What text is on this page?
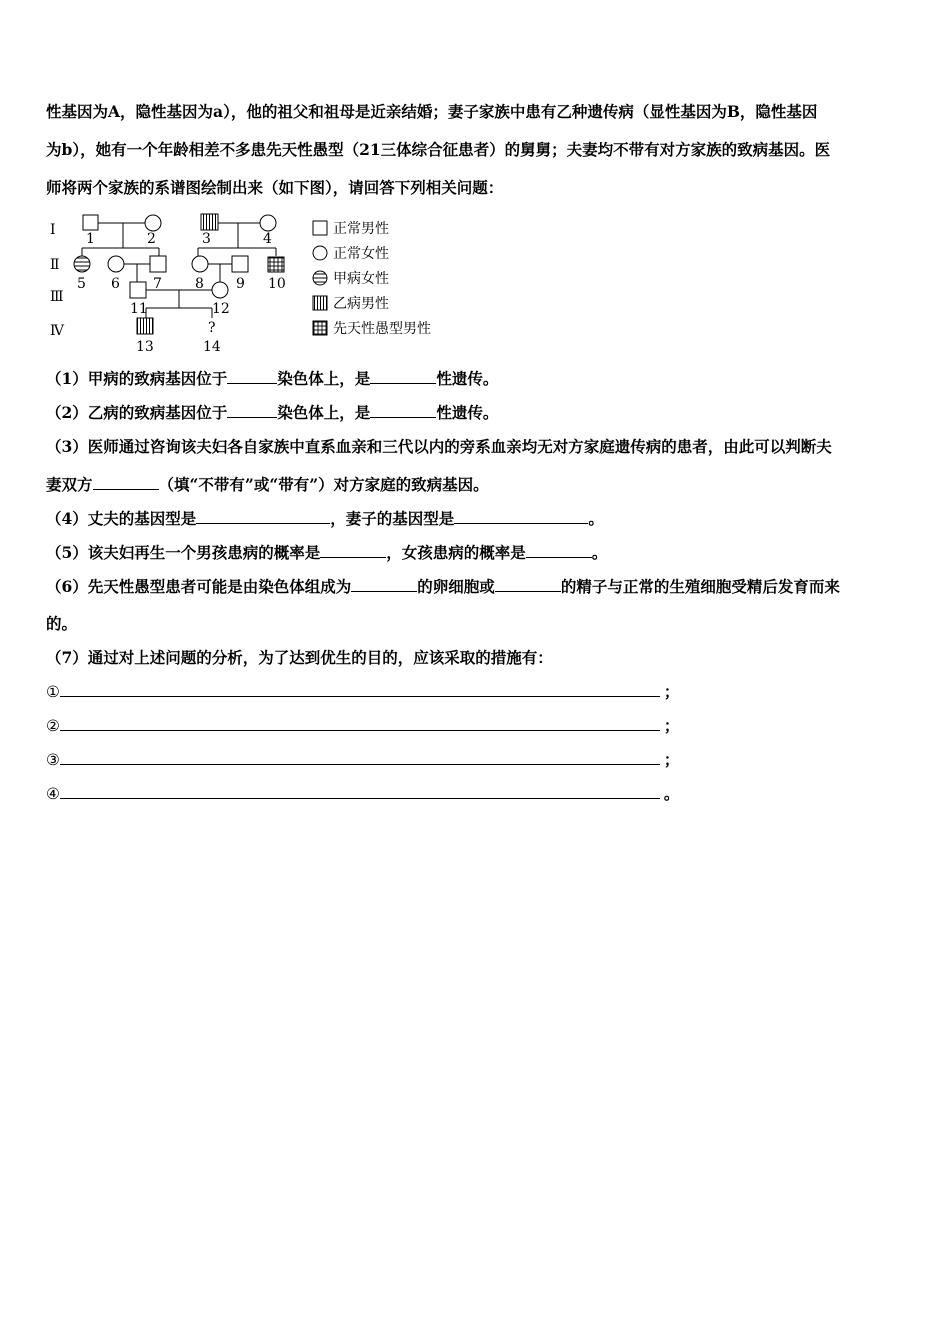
性基因为A，隐性基因为a），他的祖父和祖母是近亲结婚；妻子家族中患有乙种遗传病（显性基因为B，隐性基因
为b），她有一个年龄相差不多患先天性愚型（21三体综合征患者）的舅舅；夫妻均不带有对方家族的致病基因。医
师将两个家族的系谱图绘制出来（如下图），请回答下列相关问题：
Ⅰ
Ⅱ
Ⅲ
Ⅳ
1	2	3	4
5 6 7 8 9 10
11	12
13
?
14
正常男性
正常女性
甲病女性
乙病男性
先天性愚型男性
（1）甲病的致病基因位于	染色体上，是	性遗传。
（2）乙病的致病基因位于	染色体上，是	性遗传。
（3）医师通过咨询该夫妇各自家族中直系血亲和三代以内的旁系血亲均无对方家庭遗传病的患者，由此可以判断夫
妻双方	（填“不带有”或“带有”）对方家庭的致病基因。
（4）丈夫的基因型是	，妻子的基因型是	。
（5）该夫妇再生一个男孩患病的概率是	，女孩患病的概率是	。
（6）先天性愚型患者可能是由染色体组成为	的卵细胞或	的精子与正常的生殖细胞受精后发育而来
的。
（7）通过对上述问题的分析，为了达到优生的目的，应该采取的措施有：
①	；
②	；
③	；
④	。
